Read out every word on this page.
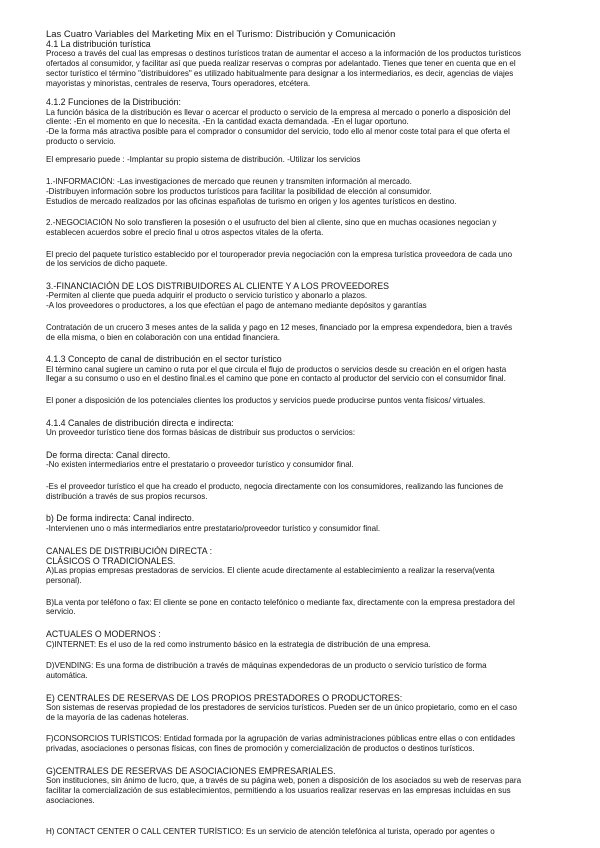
Las Cuatro Variables del Marketing Mix en el Turismo: Distribución y Comunicación
4.1 La distribución turística
Proceso a través del cual las empresas o destinos turísticos tratan de aumentar el acceso a la información de los productos turísticos
ofertados al consumidor, y facilitar así que pueda realizar reservas o compras por adelantado. Tienes que tener en cuenta que en el
sector turístico el término "distribuidores" es utilizado habitualmente para designar a los intermediarios, es decir, agencias de viajes
mayoristas y minoristas, centrales de reserva, Tours operadores, etcétera.
4.1.2 Funciones de la Distribución:
La función básica de la distribución es llevar o acercar el producto o servicio de la empresa al mercado o ponerlo a disposición del
cliente: -En el momento en que lo necesita. -En la cantidad exacta demandada. -En el lugar oportuno.
-De la forma más atractiva posible para el comprador o consumidor del servicio, todo ello al menor coste total para el que oferta el
producto o servicio.
El empresario puede : -Implantar su propio sistema de distribución. -Utilizar los servicios
1.-INFORMACIÓN: -Las investigaciones de mercado que reunen y transmiten información al mercado.
-Distribuyen información sobre los productos turísticos para facilitar la posibilidad de elección al consumidor.
Estudios de mercado realizados por las oficinas españolas de turismo en origen y los agentes turísticos en destino.
2.-NEGOCIACIÓN No solo transfieren la posesión o el usufructo del bien al cliente, sino que en muchas ocasiones negocian y
establecen acuerdos sobre el precio final u otros aspectos vitales de la oferta.
El precio del paquete turístico establecido por el touroperador previa negociación con la empresa turística proveedora de cada uno
de los servicios de dicho paquete.
3.-FINANCIACIÓN DE LOS DISTRIBUIDORES AL CLIENTE Y A LOS PROVEEDORES
-Permiten al cliente que pueda adquirir el producto o servicio turístico y abonarlo a plazos.
-A los proveedores o productores, a los que efectúan el pago de antemano mediante depósitos y garantías
Contratación de un crucero 3 meses antes de la salida y pago en 12 meses, financiado por la empresa expendedora, bien a través
de ella misma, o bien en colaboración con una entidad financiera.
4.1.3 Concepto de canal de distribución en el sector turístico
El término canal sugiere un camino o ruta por el que circula el flujo de productos o servicios desde su creación en el origen hasta
llegar a su consumo o uso en el destino final.es el camino que pone en contacto al productor del servicio con el consumidor final.
El poner a disposición de los potenciales clientes los productos y servicios puede producirse puntos venta físicos/ virtuales.
4.1.4 Canales de distribución directa e indirecta:
Un proveedor turístico tiene dos formas básicas de distribuir sus productos o servicios:
De forma directa: Canal directo.
-No existen intermediarios entre el prestatario o proveedor turístico y consumidor final.
-Es el proveedor turístico el que ha creado el producto, negocia directamente con los consumidores, realizando las funciones de
distribución a través de sus propios recursos.
b) De forma indirecta: Canal indirecto.
-Intervienen uno o más intermediarios entre prestatario/proveedor turístico y consumidor final.
CANALES DE DISTRIBUCIÓN DIRECTA :
CLÁSICOS O TRADICIONALES.
A)Las propias empresas prestadoras de servicios. El cliente acude directamente al establecimiento a realizar la reserva(venta
personal).
B)La venta por teléfono o fax: El cliente se pone en contacto telefónico o mediante fax, directamente con la empresa prestadora del
servicio.
ACTUALES O MODERNOS :
C)INTERNET: Es el uso de la red como instrumento básico en la estrategia de distribución de una empresa.
D)VENDING: Es una forma de distribución a través de máquinas expendedoras de un producto o servicio turístico de forma
automática.
E) CENTRALES DE RESERVAS DE LOS PROPIOS PRESTADORES O PRODUCTORES:
Son sistemas de reservas propiedad de los prestadores de servicios turísticos. Pueden ser de un único propietario, como en el caso
de la mayoría de las cadenas hoteleras.
F)CONSORCIOS TURÍSTICOS: Entidad formada por la agrupación de varias administraciones públicas entre ellas o con entidades
privadas, asociaciones o personas físicas, con fines de promoción y comercialización de productos o destinos turísticos.
G)CENTRALES DE RESERVAS DE ASOCIACIONES EMPRESARIALES.
Son instituciones, sin ánimo de lucro, que, a través de su página web, ponen a disposición de los asociados su web de reservas para
facilitar la comercialización de sus establecimientos, permitiendo a los usuarios realizar reservas en las empresas incluidas en sus
asociaciones.
H) CONTACT CENTER O CALL CENTER TURÍSTICO: Es un servicio de atención telefónica al turista, operado por agentes o
